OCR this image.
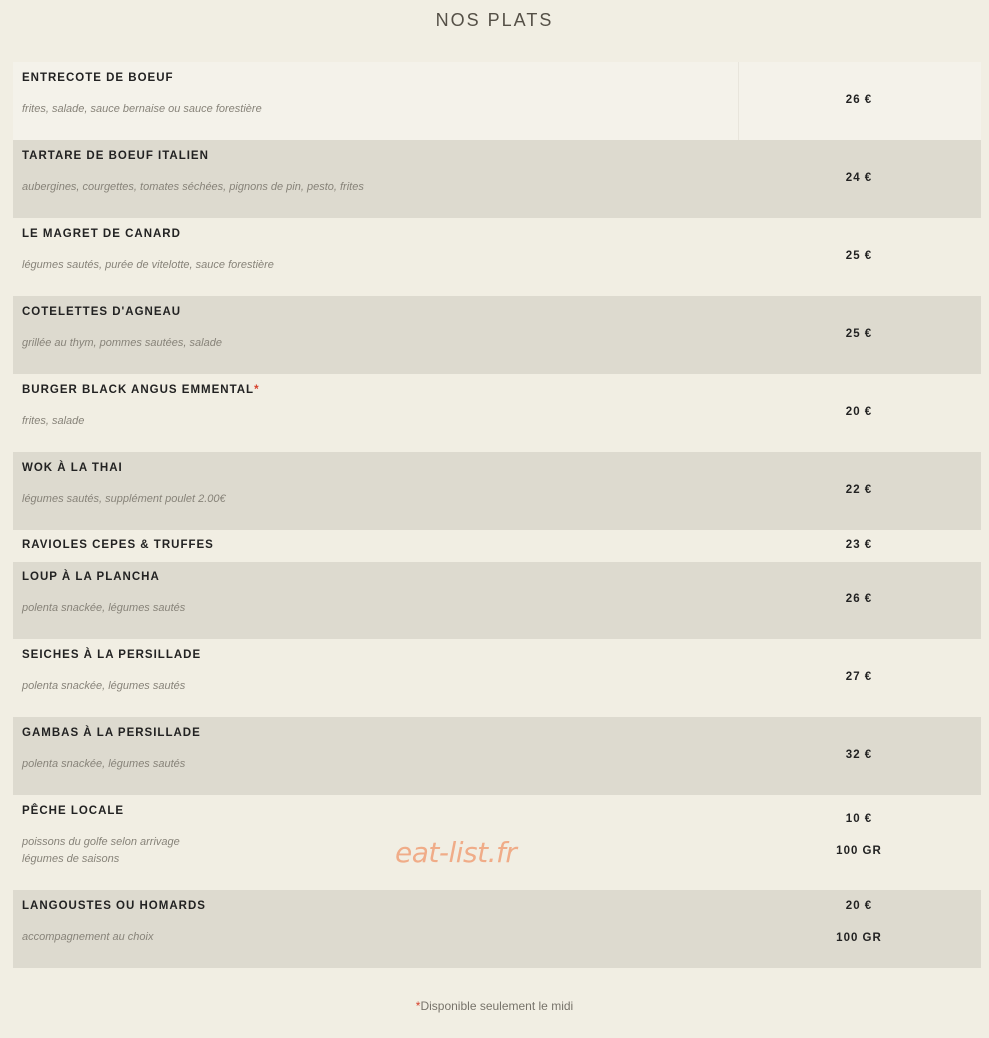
NOS PLATS
ENTRECOTE DE BOEUF
frites, salade, sauce bernaise ou sauce forestière
26 €
TARTARE DE BOEUF ITALIEN
aubergines, courgettes, tomates séchées, pignons de pin, pesto, frites
24 €
LE MAGRET DE CANARD
légumes sautés, purée de vitelotte, sauce forestière
25 €
COTELETTES D'AGNEAU
grillée au thym, pommes sautées, salade
25 €
BURGER BLACK ANGUS EMMENTAL*
frites, salade
20 €
WOK À LA THAI
légumes sautés, supplément poulet 2.00€
22 €
RAVIOLES CEPES & TRUFFES	23 €
LOUP À LA PLANCHA
polenta snackée, légumes sautés
26 €
SEICHES À LA PERSILLADE
polenta snackée, légumes sautés
27 €
GAMBAS À LA PERSILLADE
polenta snackée, légumes sautés
32 €
PÊCHE LOCALE
poissons du golfe selon arrivage
légumes de saisons
10 €
100 GR
LANGOUSTES OU HOMARDS
accompagnement au choix
20 €
100 GR
eat-list.fr
*Disponible seulement le midi
